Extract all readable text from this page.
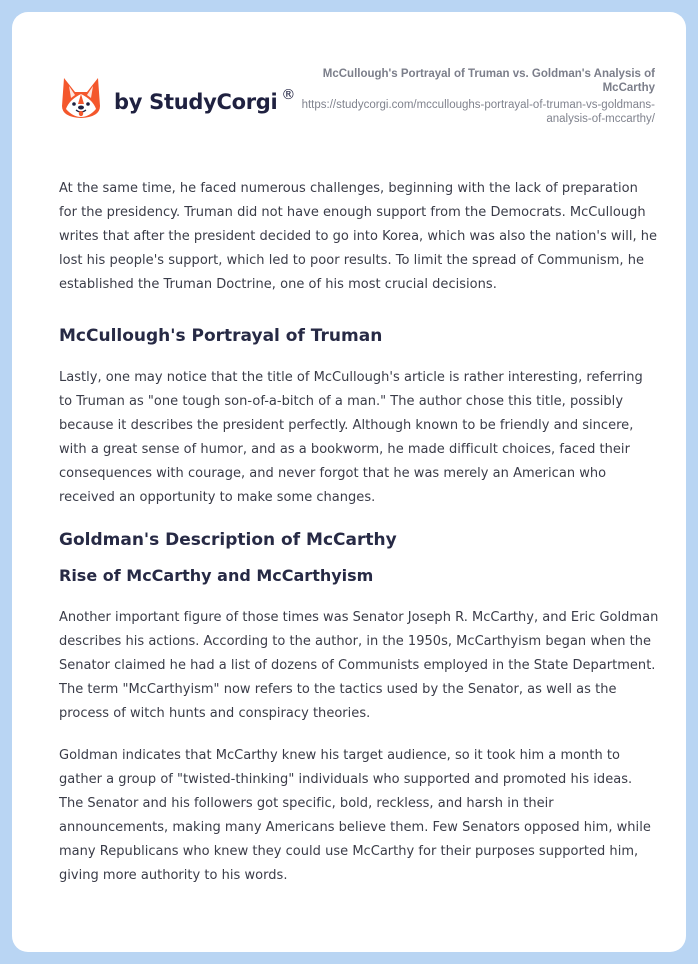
by StudyCorgi ®
McCullough's Portrayal of Truman vs. Goldman's Analysis of McCarthy
https://studycorgi.com/mcculloughs-portrayal-of-truman-vs-goldmans-analysis-of-mccarthy/

At the same time, he faced numerous challenges, beginning with the lack of preparation for the presidency. Truman did not have enough support from the Democrats. McCullough writes that after the president decided to go into Korea, which was also the nation's will, he lost his people's support, which led to poor results. To limit the spread of Communism, he established the Truman Doctrine, one of his most crucial decisions.

McCullough's Portrayal of Truman

Lastly, one may notice that the title of McCullough's article is rather interesting, referring to Truman as "one tough son-of-a-bitch of a man." The author chose this title, possibly because it describes the president perfectly. Although known to be friendly and sincere, with a great sense of humor, and as a bookworm, he made difficult choices, faced their consequences with courage, and never forgot that he was merely an American who received an opportunity to make some changes.

Goldman's Description of McCarthy
Rise of McCarthy and McCarthyism

Another important figure of those times was Senator Joseph R. McCarthy, and Eric Goldman describes his actions. According to the author, in the 1950s, McCarthyism began when the Senator claimed he had a list of dozens of Communists employed in the State Department. The term "McCarthyism" now refers to the tactics used by the Senator, as well as the process of witch hunts and conspiracy theories.

Goldman indicates that McCarthy knew his target audience, so it took him a month to gather a group of "twisted-thinking" individuals who supported and promoted his ideas. The Senator and his followers got specific, bold, reckless, and harsh in their announcements, making many Americans believe them. Few Senators opposed him, while many Republicans who knew they could use McCarthy for their purposes supported him, giving more authority to his words.
